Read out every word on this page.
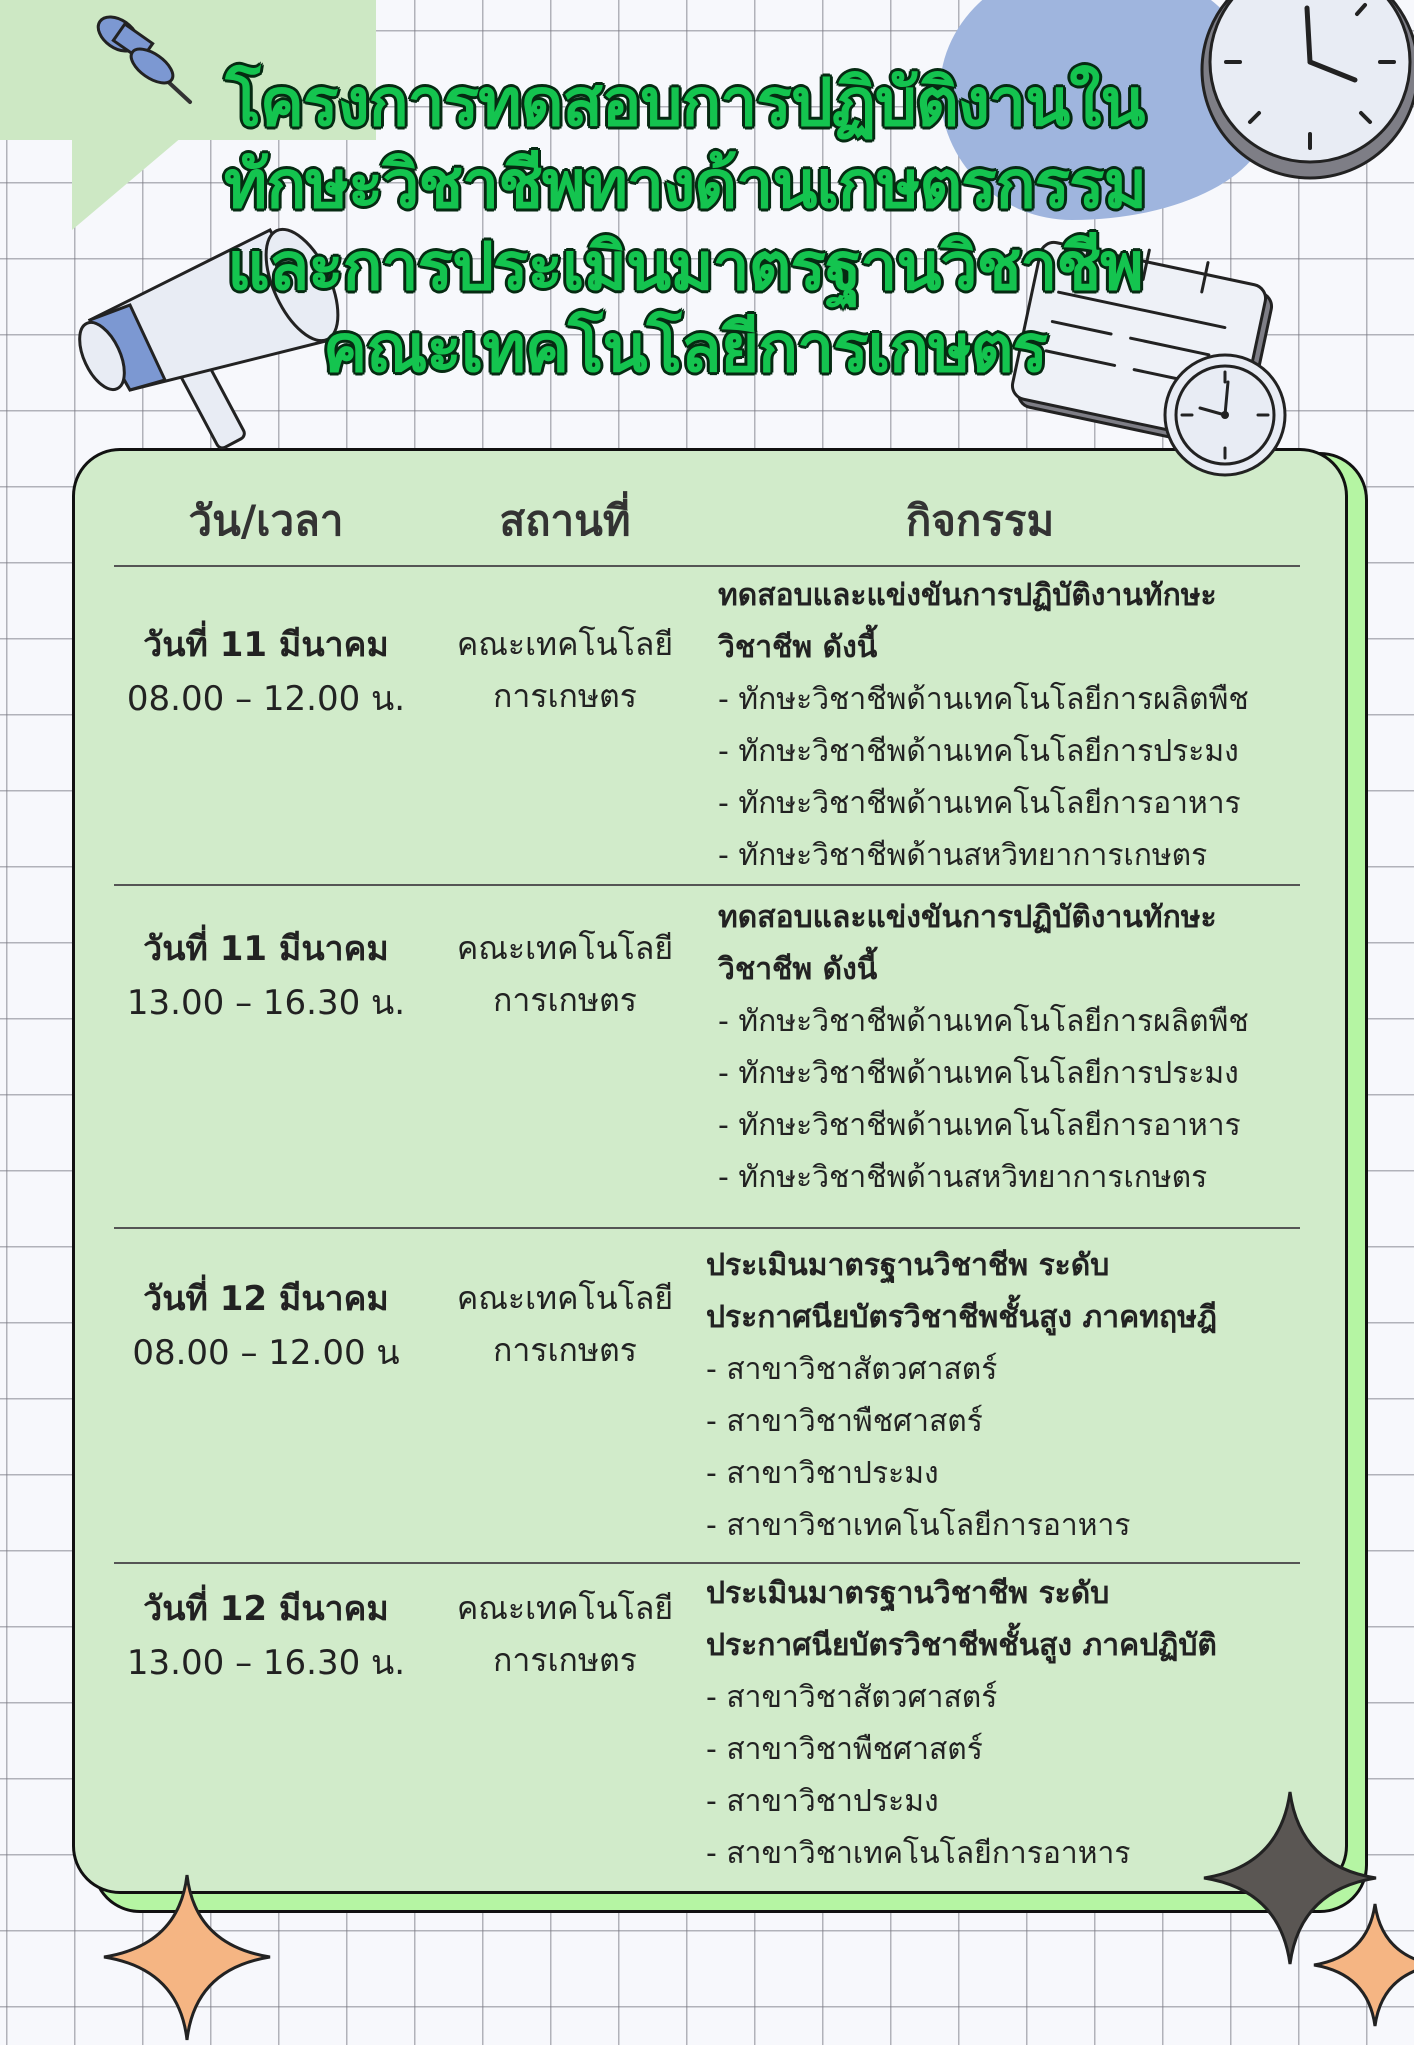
โครงการทดสอบการปฏิบัติงานใน
ทักษะวิชาชีพทางด้านเกษตรกรรม
และการประเมินมาตรฐานวิชาชีพ
คณะเทคโนโลยีการเกษตร
วัน/เวลา	สถานที่	กิจกรรม
วันที่ 11 มีนาคม
08.00 – 12.00 น.
คณะเทคโนโลยี
การเกษตร
ทดสอบและแข่งขันการปฏิบัติงานทักษะ
วิชาชีพ ดังนี้
- ทักษะวิชาชีพด้านเทคโนโลยีการผลิตพืช
- ทักษะวิชาชีพด้านเทคโนโลยีการประมง
- ทักษะวิชาชีพด้านเทคโนโลยีการอาหาร
- ทักษะวิชาชีพด้านสหวิทยาการเกษตร
วันที่ 11 มีนาคม
13.00 – 16.30 น.
คณะเทคโนโลยี
การเกษตร
ทดสอบและแข่งขันการปฏิบัติงานทักษะ
วิชาชีพ ดังนี้
- ทักษะวิชาชีพด้านเทคโนโลยีการผลิตพืช
- ทักษะวิชาชีพด้านเทคโนโลยีการประมง
- ทักษะวิชาชีพด้านเทคโนโลยีการอาหาร
- ทักษะวิชาชีพด้านสหวิทยาการเกษตร
วันที่ 12 มีนาคม
08.00 – 12.00 น
คณะเทคโนโลยี
การเกษตร
ประเมินมาตรฐานวิชาชีพ ระดับ
ประกาศนียบัตรวิชาชีพชั้นสูง ภาคทฤษฎี
- สาขาวิชาสัตวศาสตร์
- สาขาวิชาพืชศาสตร์
- สาขาวิชาประมง
- สาขาวิชาเทคโนโลยีการอาหาร
วันที่ 12 มีนาคม
13.00 – 16.30 น.
คณะเทคโนโลยี
การเกษตร
ประเมินมาตรฐานวิชาชีพ ระดับ
ประกาศนียบัตรวิชาชีพชั้นสูง ภาคปฏิบัติ
- สาขาวิชาสัตวศาสตร์
- สาขาวิชาพืชศาสตร์
- สาขาวิชาประมง
- สาขาวิชาเทคโนโลยีการอาหาร
